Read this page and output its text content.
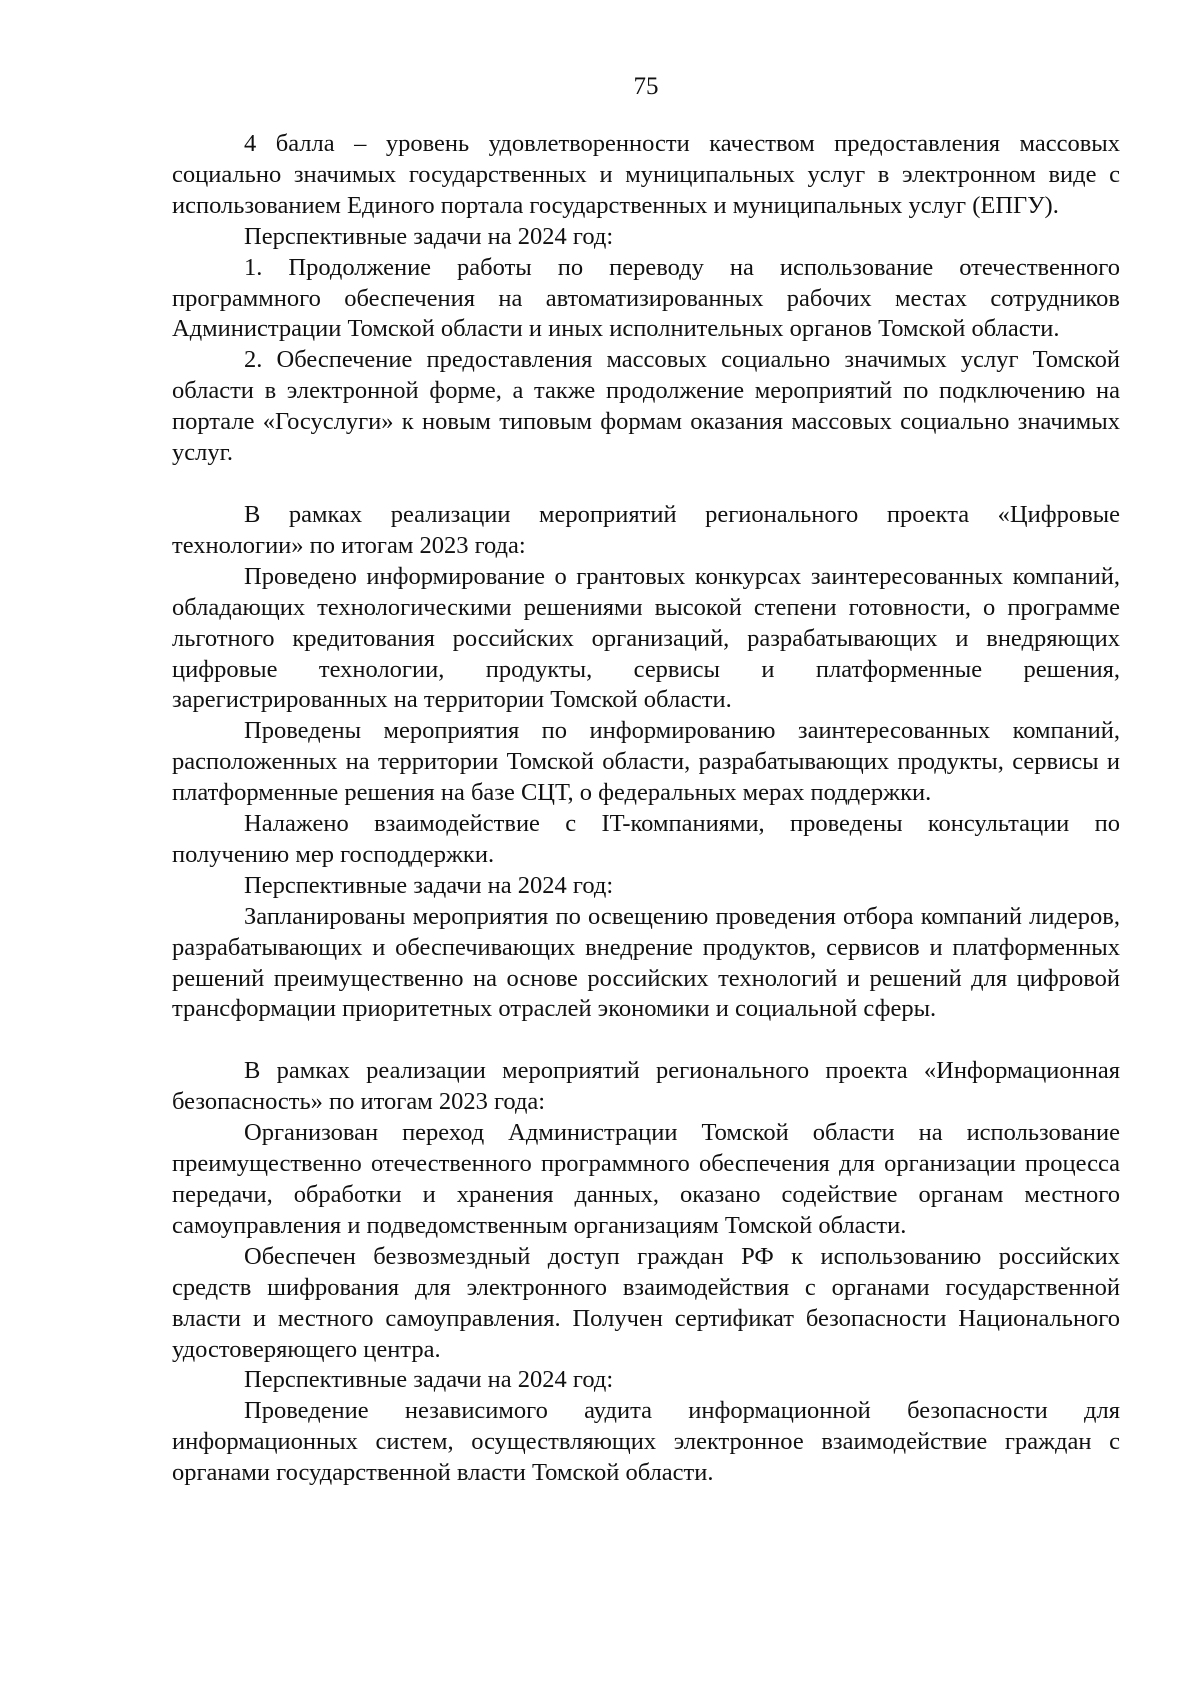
75

4 балла – уровень удовлетворенности качеством предоставления массовых социально значимых государственных и муниципальных услуг в электронном виде с использованием Единого портала государственных и муниципальных услуг (ЕПГУ).

Перспективные задачи на 2024 год:

1. Продолжение работы по переводу на использование отечественного программного обеспечения на автоматизированных рабочих местах сотрудников Администрации Томской области и иных исполнительных органов Томской области.

2. Обеспечение предоставления массовых социально значимых услуг Томской области в электронной форме, а также продолжение мероприятий по подключению на портале «Госуслуги» к новым типовым формам оказания массовых социально значимых услуг.

В рамках реализации мероприятий регионального проекта «Цифровые технологии» по итогам 2023 года:

Проведено информирование о грантовых конкурсах заинтересованных компаний, обладающих технологическими решениями высокой степени готовности, о программе льготного кредитования российских организаций, разрабатывающих и внедряющих цифровые технологии, продукты, сервисы и платформенные решения, зарегистрированных на территории Томской области.

Проведены мероприятия по информированию заинтересованных компаний, расположенных на территории Томской области, разрабатывающих продукты, сервисы и платформенные решения на базе СЦТ, о федеральных мерах поддержки.

Налажено взаимодействие с IT-компаниями, проведены консультации по получению мер господдержки.

Перспективные задачи на 2024 год:

Запланированы мероприятия по освещению проведения отбора компаний лидеров, разрабатывающих и обеспечивающих внедрение продуктов, сервисов и платформенных решений преимущественно на основе российских технологий и решений для цифровой трансформации приоритетных отраслей экономики и социальной сферы.

В рамках реализации мероприятий регионального проекта «Информационная безопасность» по итогам 2023 года:

Организован переход Администрации Томской области на использование преимущественно отечественного программного обеспечения для организации процесса передачи, обработки и хранения данных, оказано содействие органам местного самоуправления и подведомственным организациям Томской области.

Обеспечен безвозмездный доступ граждан РФ к использованию российских средств шифрования для электронного взаимодействия с органами государственной власти и местного самоуправления. Получен сертификат безопасности Национального удостоверяющего центра.

Перспективные задачи на 2024 год:

Проведение независимого аудита информационной безопасности для информационных систем, осуществляющих электронное взаимодействие граждан с органами государственной власти Томской области.
